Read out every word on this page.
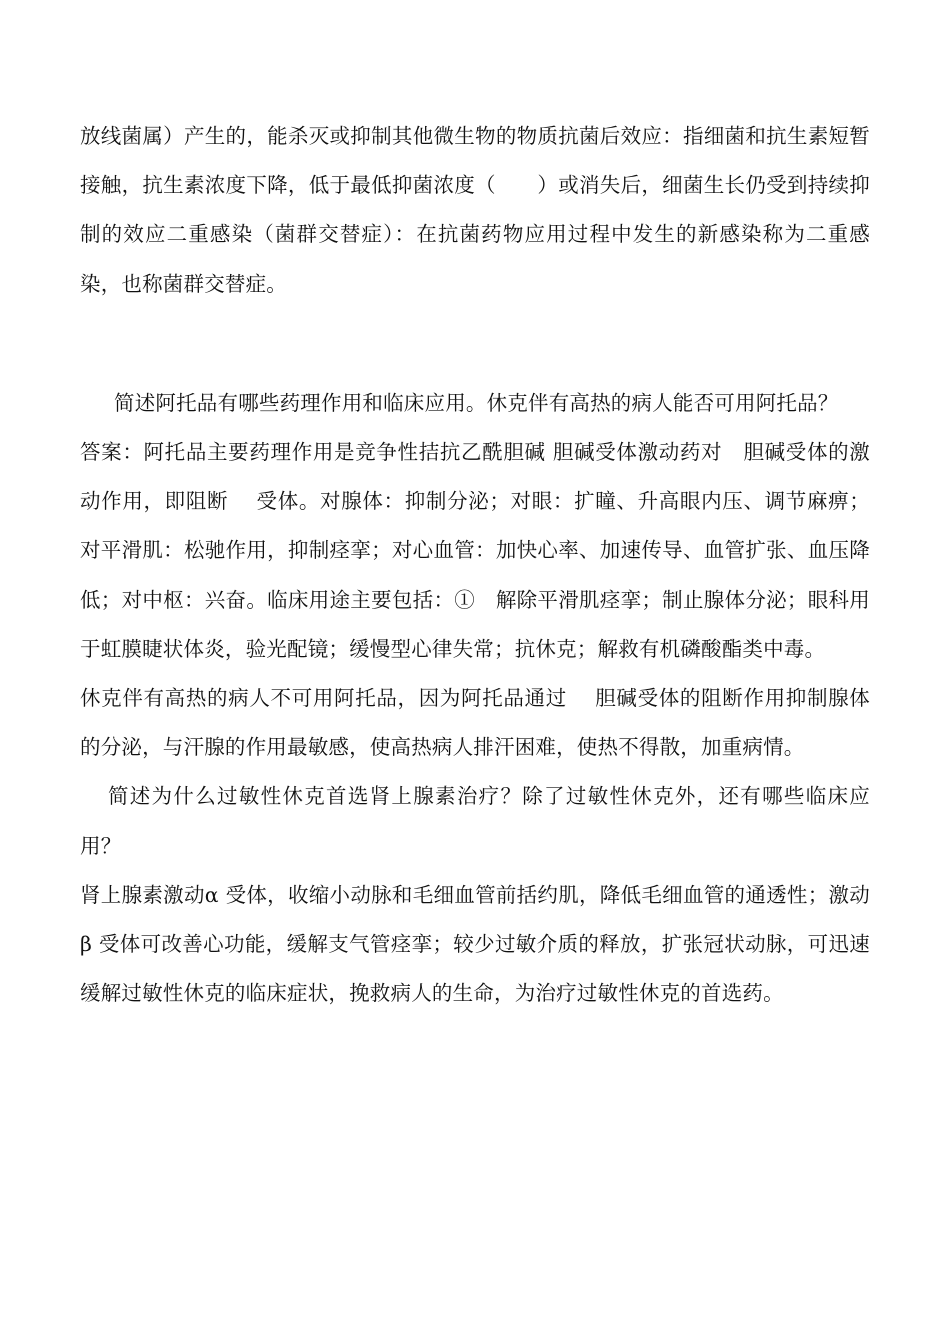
放线菌属）产生的，能杀灭或抑制其他微生物的物质抗菌后效应：指细菌和抗生素短暂接触，抗生素浓度下降，低于最低抑菌浓度（　　）或消失后，细菌生长仍受到持续抑制的效应二重感染（菌群交替症）：在抗菌药物应用过程中发生的新感染称为二重感染，也称菌群交替症。

简述阿托品有哪些药理作用和临床应用。休克伴有高热的病人能否可用阿托品？

答案：阿托品主要药理作用是竞争性拮抗乙酰胆碱 胆碱受体激动药对　胆碱受体的激动作用，即阻断　 受体。对腺体：抑制分泌；对眼：扩瞳、升高眼内压、调节麻痹；对平滑肌：松驰作用，抑制痉挛；对心血管：加快心率、加速传导、血管扩张、血压降低；对中枢：兴奋。临床用途主要包括：①　解除平滑肌痉挛；制止腺体分泌；眼科用于虹膜睫状体炎，验光配镜；缓慢型心律失常；抗休克；解救有机磷酸酯类中毒。

休克伴有高热的病人不可用阿托品，因为阿托品通过　 胆碱受体的阻断作用抑制腺体的分泌，与汗腺的作用最敏感，使高热病人排汗困难，使热不得散，加重病情。

简述为什么过敏性休克首选肾上腺素治疗？除了过敏性休克外，还有哪些临床应用？

肾上腺素激动α 受体，收缩小动脉和毛细血管前括约肌，降低毛细血管的通透性；激动β 受体可改善心功能，缓解支气管痉挛；较少过敏介质的释放，扩张冠状动脉，可迅速缓解过敏性休克的临床症状，挽救病人的生命，为治疗过敏性休克的首选药。
